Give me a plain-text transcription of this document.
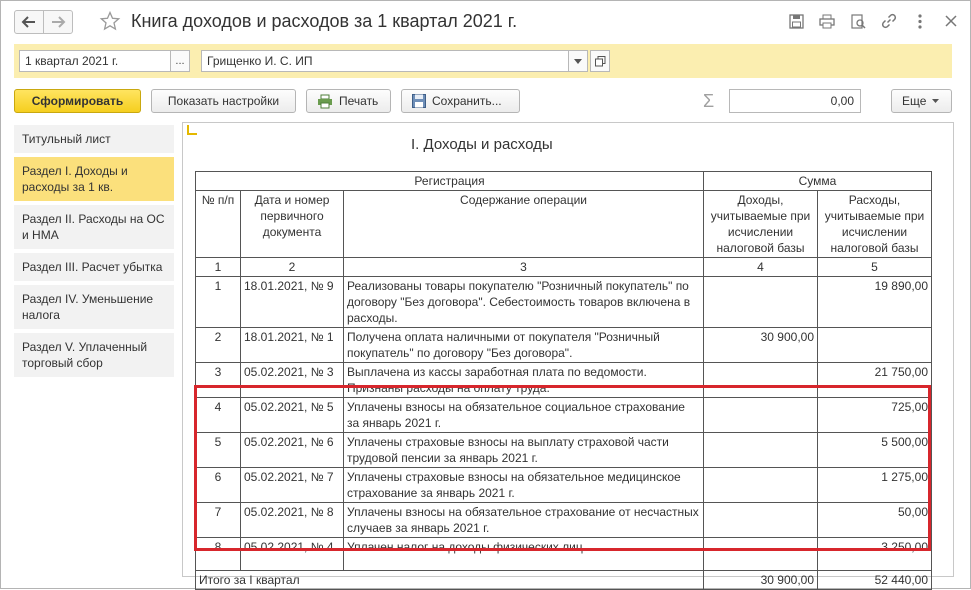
Книга доходов и расходов за 1 квартал 2021 г.
1 квартал 2021 г.	...	Грищенко И. С. ИП
Сформировать	Показать настройки	Печать	Сохранить...	Σ	0,00	Еще
Титульный лист
Раздел I. Доходы и расходы за 1 кв.
Раздел II. Расходы на ОС и НМА
Раздел III. Расчет убытка
Раздел IV. Уменьшение налога
Раздел V. Уплаченный торговый сбор
I. Доходы и расходы
Регистрация			Сумма	
№ п/п	Дата и номер первичного документа	Содержание операции	Доходы, учитываемые при исчислении налоговой базы	Расходы, учитываемые при исчислении налоговой базы
1	2	3	4	5
1	18.01.2021, № 9	Реализованы товары покупателю "Розничный покупатель" по договору "Без договора". Себестоимость товаров включена в расходы.		19 890,00
2	18.01.2021, № 1	Получена оплата наличными от покупателя "Розничный покупатель" по договору "Без договора".	30 900,00	
3	05.02.2021, № 3	Выплачена из кассы заработная плата по ведомости. Признаны расходы на оплату труда.		21 750,00
4	05.02.2021, № 5	Уплачены взносы на обязательное социальное страхование за январь 2021 г.		725,00
5	05.02.2021, № 6	Уплачены страховые взносы на выплату страховой части трудовой пенсии за январь 2021 г.		5 500,00
6	05.02.2021, № 7	Уплачены страховые взносы на обязательное медицинское страхование за январь 2021 г.		1 275,00
7	05.02.2021, № 8	Уплачены взносы на обязательное страхование от несчастных случаев за январь 2021 г.		50,00
8	05.02.2021, № 4	Уплачен налог на доходы физических лиц.		3 250,00
Итого за I квартал			30 900,00	52 440,00
